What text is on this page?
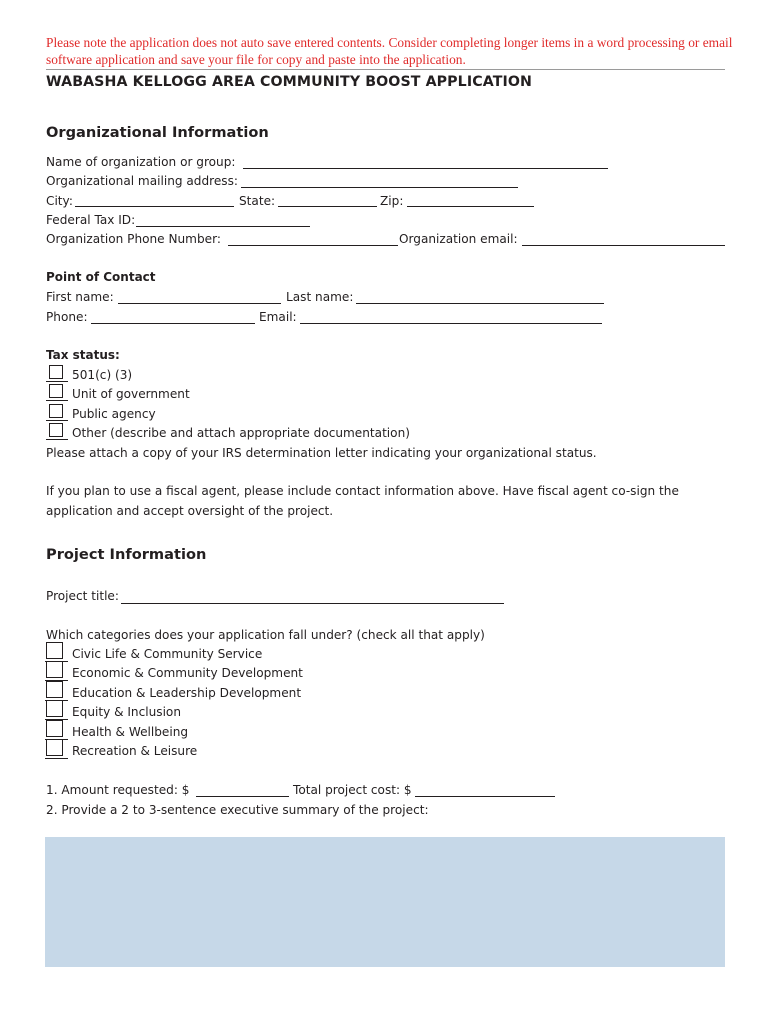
Please note the application does not auto save entered contents. Consider completing longer items in a word processing or email software application and save your file for copy and paste into the application.
WABASHA KELLOGG AREA COMMUNITY BOOST APPLICATION
Organizational Information
Name of organization or group:
Organizational mailing address:
City:	State:	Zip:
Federal Tax ID:
Organization Phone Number:	Organization email:
Point of Contact
First name:	Last name:
Phone:	Email:
Tax status:
501(c) (3)
Unit of government
Public agency
Other (describe and attach appropriate documentation)
Please attach a copy of your IRS determination letter indicating your organizational status.
If you plan to use a fiscal agent, please include contact information above. Have fiscal agent co-sign the application and accept oversight of the project.
Project Information
Project title:
Which categories does your application fall under? (check all that apply)
Civic Life & Community Service
Economic & Community Development
Education & Leadership Development
Equity & Inclusion
Health & Wellbeing
Recreation & Leisure
1. Amount requested: $	Total project cost: $
2. Provide a 2 to 3-sentence executive summary of the project:
